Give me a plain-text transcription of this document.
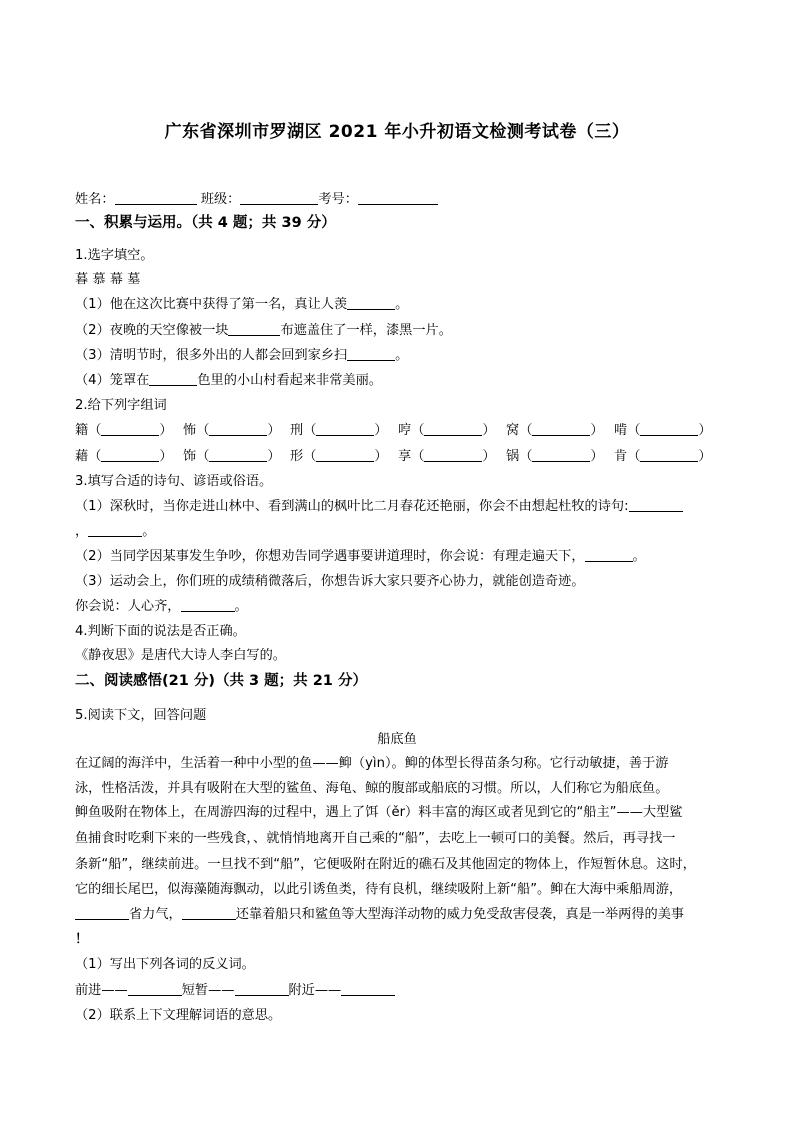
广东省深圳市罗湖区 2021 年小升初语文检测考试卷（三）
姓名：	班级：	考号：
一、积累与运用。（共 4 题；共 39 分）
1.选字填空。
暮 慕 幕 墓
（1）他在这次比赛中获得了第一名，真让人羡	。
（2）夜晚的天空像被一块	布遮盖住了一样，漆黑一片。
（3）清明节时，很多外出的人都会回到家乡扫	。
（4）笼罩在	色里的小山村看起来非常美丽。
2.给下列字组词
籍（	） 怖（	） 刑（	） 哼（	） 窝（	） 啃（	）
藉（	） 饰（	） 形（	） 享（	） 锅（	） 肯（	）
3.填写合适的诗句、谚语或俗语。
（1）深秋时，当你走进山林中、看到满山的枫叶比二月春花还艳丽，你会不由想起杜牧的诗句:
，	。
（2）当同学因某事发生争吵，你想劝告同学遇事要讲道理时，你会说：有理走遍天下，	。
（3）运动会上，你们班的成绩稍微落后，你想告诉大家只要齐心协力，就能创造奇迹。
你会说：人心齐，	。
4.判断下面的说法是否正确。
《静夜思》是唐代大诗人李白写的。
二、阅读感悟(21 分)（共 3 题；共 21 分）
5.阅读下文，回答问题
船底鱼
在辽阔的海洋中，生活着一种中小型的鱼——䲟（yìn）。䲟的体型长得苗条匀称。它行动敏捷，善于游
泳，性格活泼，并具有吸附在大型的鲨鱼、海龟、鲸的腹部或船底的习惯。所以，人们称它为船底鱼。
䲟鱼吸附在物体上，在周游四海的过程中，遇上了饵（ěr）料丰富的海区或者见到它的“船主”——大型鲨
鱼捕食时吃剩下来的一些残食，、就悄悄地离开自己乘的“船”，去吃上一顿可口的美餐。然后，再寻找一
条新“船”，继续前进。一旦找不到“船”，它便吸附在附近的礁石及其他固定的物体上，作短暂休息。这时，
它的细长尾巴，似海藻随海飘动，以此引诱鱼类，待有良机，继续吸附上新“船”。䲟在大海中乘船周游，
省力气，	还靠着船只和鲨鱼等大型海洋动物的威力免受敌害侵袭，真是一举两得的美事
！
（1）写出下列各词的反义词。
前进——	短暂——	附近——
（2）联系上下文理解词语的意思。
